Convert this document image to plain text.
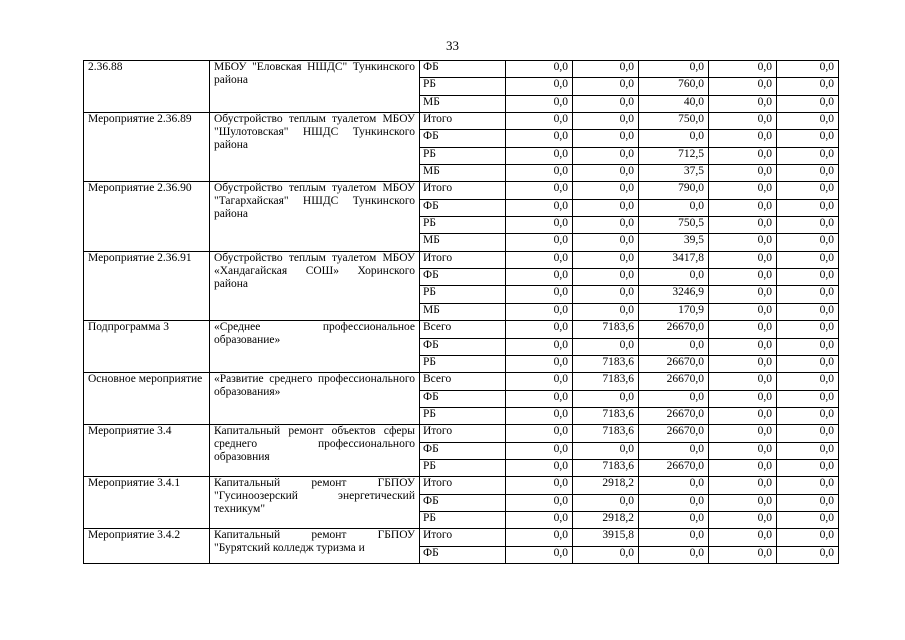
33
2.36.88	МБОУ "Еловская НШДС" Тункинского района	ФБ	0,0	0,0	0,0	0,0	0,0
		РБ	0,0	0,0	760,0	0,0	0,0
		МБ	0,0	0,0	40,0	0,0	0,0
Мероприятие 2.36.89	Обустройство теплым туалетом МБОУ "Шулотовская" НШДС Тункинского района	Итого	0,0	0,0	750,0	0,0	0,0
		ФБ	0,0	0,0	0,0	0,0	0,0
		РБ	0,0	0,0	712,5	0,0	0,0
		МБ	0,0	0,0	37,5	0,0	0,0
Мероприятие 2.36.90	Обустройство теплым туалетом МБОУ "Тагархайская" НШДС Тункинского района	Итого	0,0	0,0	790,0	0,0	0,0
		ФБ	0,0	0,0	0,0	0,0	0,0
		РБ	0,0	0,0	750,5	0,0	0,0
		МБ	0,0	0,0	39,5	0,0	0,0
Мероприятие 2.36.91	Обустройство теплым туалетом МБОУ «Хандагайская СОШ» Хоринского района	Итого	0,0	0,0	3417,8	0,0	0,0
		ФБ	0,0	0,0	0,0	0,0	0,0
		РБ	0,0	0,0	3246,9	0,0	0,0
		МБ	0,0	0,0	170,9	0,0	0,0
Подпрограмма 3	«Среднее профессиональное образование»	Всего	0,0	7183,6	26670,0	0,0	0,0
		ФБ	0,0	0,0	0,0	0,0	0,0
		РБ	0,0	7183,6	26670,0	0,0	0,0
Основное мероприятие	«Развитие среднего профессионального образования»	Всего	0,0	7183,6	26670,0	0,0	0,0
		ФБ	0,0	0,0	0,0	0,0	0,0
		РБ	0,0	7183,6	26670,0	0,0	0,0
Мероприятие 3.4	Капитальный ремонт объектов сферы среднего профессионального образовния	Итого	0,0	7183,6	26670,0	0,0	0,0
		ФБ	0,0	0,0	0,0	0,0	0,0
		РБ	0,0	7183,6	26670,0	0,0	0,0
Мероприятие 3.4.1	Капитальный ремонт ГБПОУ "Гусиноозерский энергетический техникум"	Итого	0,0	2918,2	0,0	0,0	0,0
		ФБ	0,0	0,0	0,0	0,0	0,0
		РБ	0,0	2918,2	0,0	0,0	0,0
Мероприятие 3.4.2	Капитальный ремонт ГБПОУ "Бурятский колледж туризма и	Итого	0,0	3915,8	0,0	0,0	0,0
		ФБ	0,0	0,0	0,0	0,0	0,0
